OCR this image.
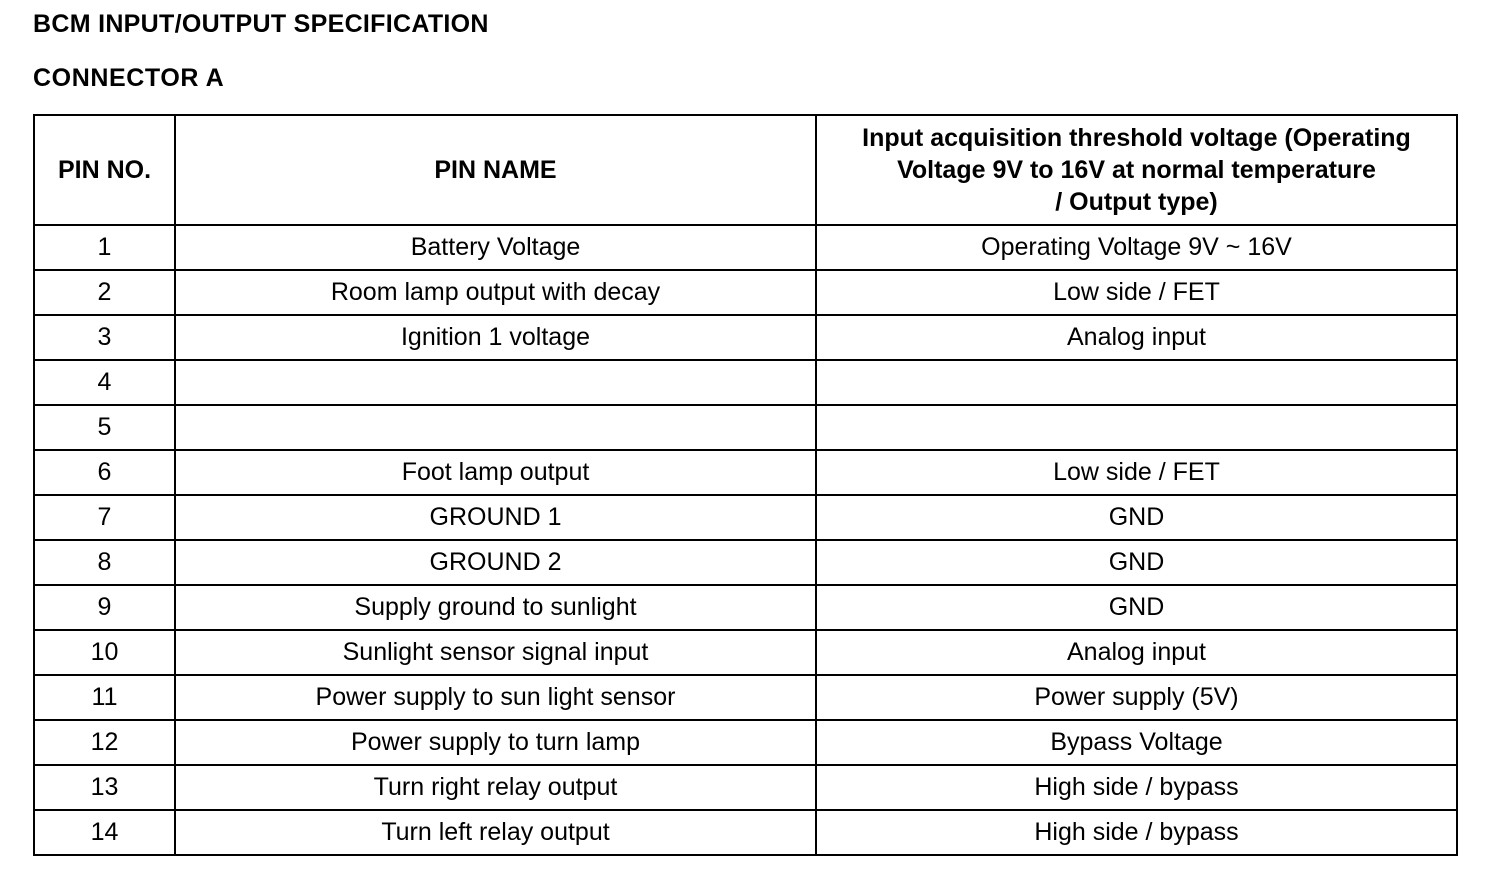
BCM INPUT/OUTPUT SPECIFICATION
CONNECTOR A
PIN NO.	PIN NAME	Input acquisition threshold voltage (Operating
Voltage 9V to 16V at normal temperature
/ Output type)

1	Battery Voltage	Operating Voltage 9V ~ 16V
2	Room lamp output with decay	Low side / FET
3	Ignition 1 voltage	Analog input
4		
5		
6	Foot lamp output	Low side / FET
7	GROUND 1	GND
8	GROUND 2	GND
9	Supply ground to sunlight	GND
10	Sunlight sensor signal input	Analog input
11	Power supply to sun light sensor	Power supply (5V)
12	Power supply to turn lamp	Bypass Voltage
13	Turn right relay output	High side / bypass
14	Turn left relay output	High side / bypass
